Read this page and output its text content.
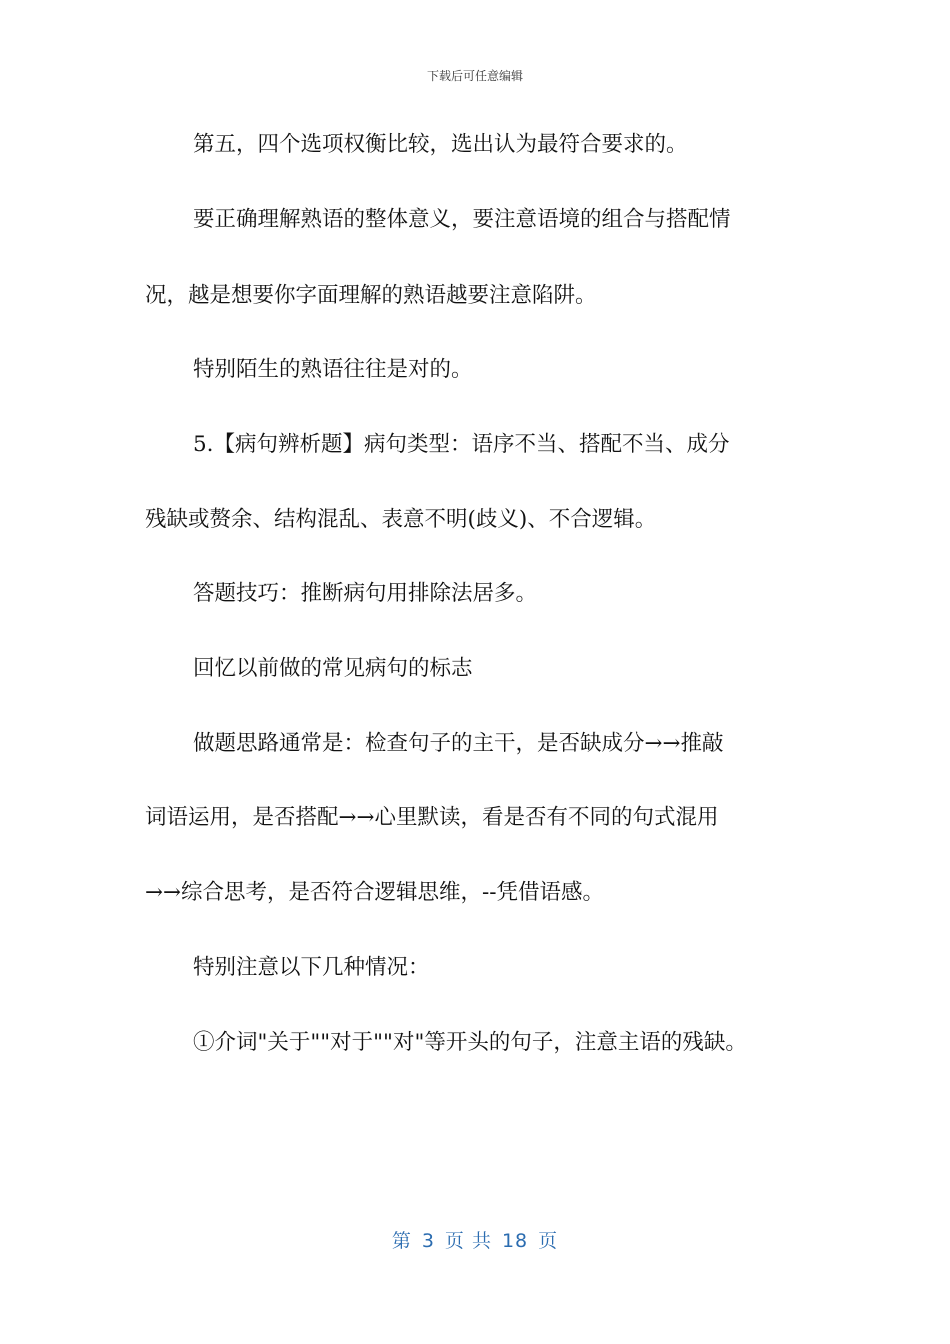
下载后可任意编辑
第五，四个选项权衡比较，选出认为最符合要求的。
要正确理解熟语的整体意义，要注意语境的组合与搭配情
况，越是想要你字面理解的熟语越要注意陷阱。
特别陌生的熟语往往是对的。
5.【病句辨析题】病句类型：语序不当、搭配不当、成分
残缺或赘余、结构混乱、表意不明(歧义)、不合逻辑。
答题技巧：推断病句用排除法居多。
回忆以前做的常见病句的标志
做题思路通常是：检查句子的主干，是否缺成分→→推敲
词语运用，是否搭配→→心里默读，看是否有不同的句式混用
→→综合思考，是否符合逻辑思维，--凭借语感。
特别注意以下几种情况：
①介词"关于""对于""对"等开头的句子，注意主语的残缺。
第 3 页 共 18 页
